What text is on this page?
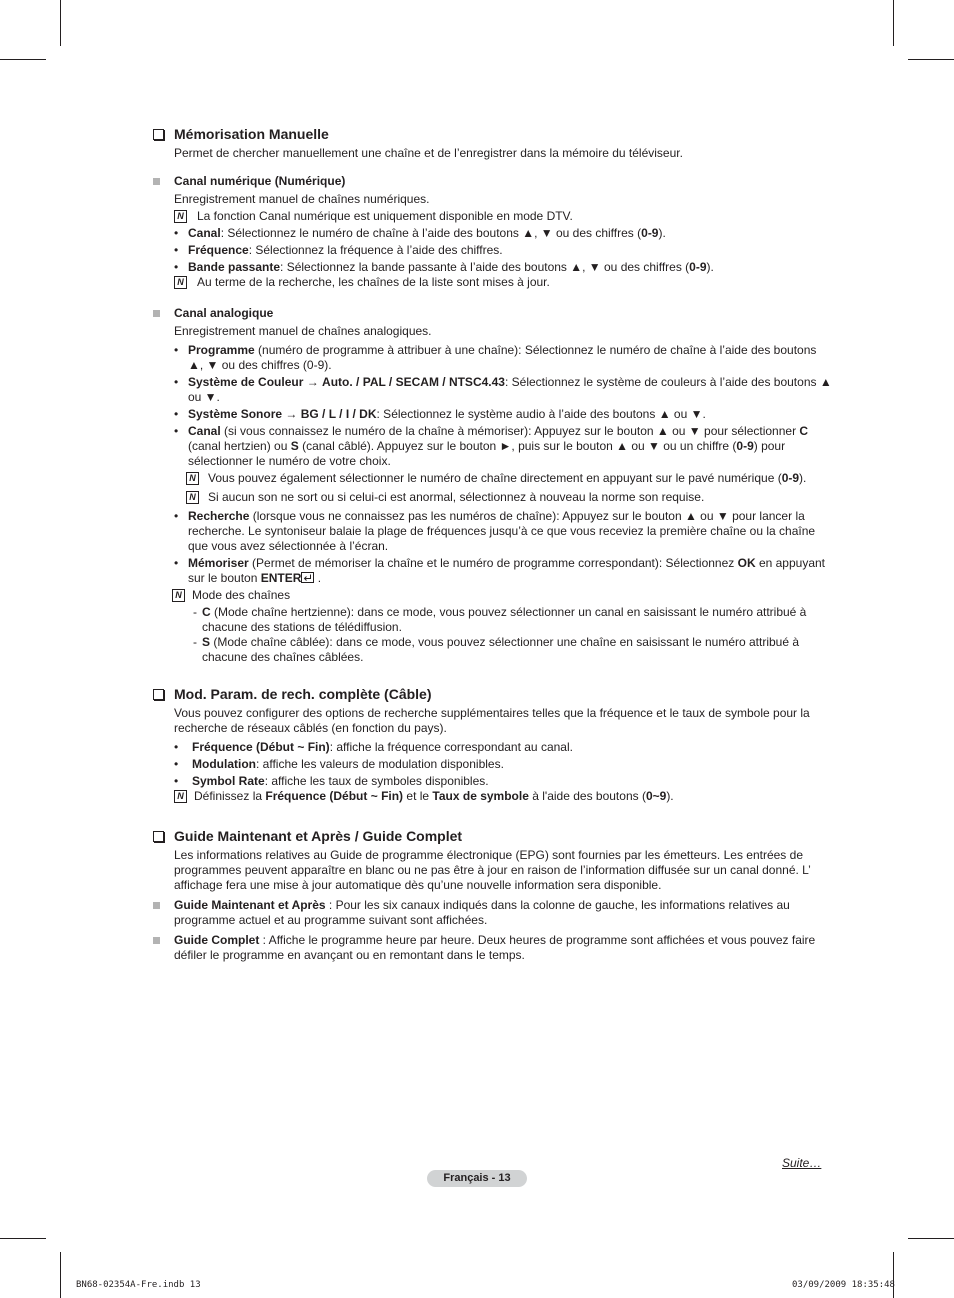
Mémorisation Manuelle

Permet de chercher manuellement une chaîne et de l’enregistrer dans la mémoire du téléviseur.

Canal numérique (Numérique)

Enregistrement manuel de chaînes numériques.

N La fonction Canal numérique est uniquement disponible en mode DTV.
• Canal: Sélectionnez le numéro de chaîne à l’aide des boutons ▲, ▼ ou des chiffres (0-9).
• Fréquence: Sélectionnez la fréquence à l’aide des chiffres.
• Bande passante: Sélectionnez la bande passante à l’aide des boutons ▲, ▼ ou des chiffres (0-9).
N Au terme de la recherche, les chaînes de la liste sont mises à jour.

Canal analogique

Enregistrement manuel de chaînes analogiques.

• Programme (numéro de programme à attribuer à une chaîne): Sélectionnez le numéro de chaîne à l’aide des boutons ▲, ▼ ou des chiffres (0-9).
• Système de Couleur → Auto. / PAL / SECAM / NTSC4.43: Sélectionnez le système de couleurs à l’aide des boutons ▲ ou ▼.
• Système Sonore → BG / L / I / DK: Sélectionnez le système audio à l’aide des boutons ▲ ou ▼.
• Canal (si vous connaissez le numéro de la chaîne à mémoriser): Appuyez sur le bouton ▲ ou ▼ pour sélectionner C (canal hertzien) ou S (canal câblé). Appuyez sur le bouton ►, puis sur le bouton ▲ ou ▼ ou un chiffre (0-9) pour sélectionner le numéro de votre choix.
N Vous pouvez également sélectionner le numéro de chaîne directement en appuyant sur le pavé numérique (0-9).
N Si aucun son ne sort ou si celui-ci est anormal, sélectionnez à nouveau la norme son requise.
• Recherche (lorsque vous ne connaissez pas les numéros de chaîne): Appuyez sur le bouton ▲ ou ▼ pour lancer la recherche. Le syntoniseur balaie la plage de fréquences jusqu’à ce que vous receviez la première chaîne ou la chaîne que vous avez sélectionnée à l’écran.
• Mémoriser (Permet de mémoriser la chaîne et le numéro de programme correspondant): Sélectionnez OK en appuyant sur le bouton ENTER .
N Mode des chaînes
- C (Mode chaîne hertzienne): dans ce mode, vous pouvez sélectionner un canal en saisissant le numéro attribué à chacune des stations de télédiffusion.
- S (Mode chaîne câblée): dans ce mode, vous pouvez sélectionner une chaîne en saisissant le numéro attribué à chacune des chaînes câblées.
Mod. Param. de rech. complète (Câble)

Vous pouvez configurer des options de recherche supplémentaires telles que la fréquence et le taux de symbole pour la recherche de réseaux câblés (en fonction du pays).

• Fréquence (Début ~ Fin): affiche la fréquence correspondant au canal.
• Modulation: affiche les valeurs de modulation disponibles.
• Symbol Rate: affiche les taux de symboles disponibles.
N Définissez la Fréquence (Début ~ Fin) et le Taux de symbole à l'aide des boutons (0~9).
Guide Maintenant et Après / Guide Complet

Les informations relatives au Guide de programme électronique (EPG) sont fournies par les émetteurs. Les entrées de programmes peuvent apparaître en blanc ou ne pas être à jour en raison de l’information diffusée sur un canal donné. L’ affichage fera une mise à jour automatique dès qu’une nouvelle information sera disponible.

Guide Maintenant et Après : Pour les six canaux indiqués dans la colonne de gauche, les informations relatives au programme actuel et au programme suivant sont affichées.

Guide Complet : Affiche le programme heure par heure. Deux heures de programme sont affichées et vous pouvez faire défiler le programme en avançant ou en remontant dans le temps.

Suite…
Français - 13
BN68-02354A-Fre.indb 13	03/09/2009 18:35:48
